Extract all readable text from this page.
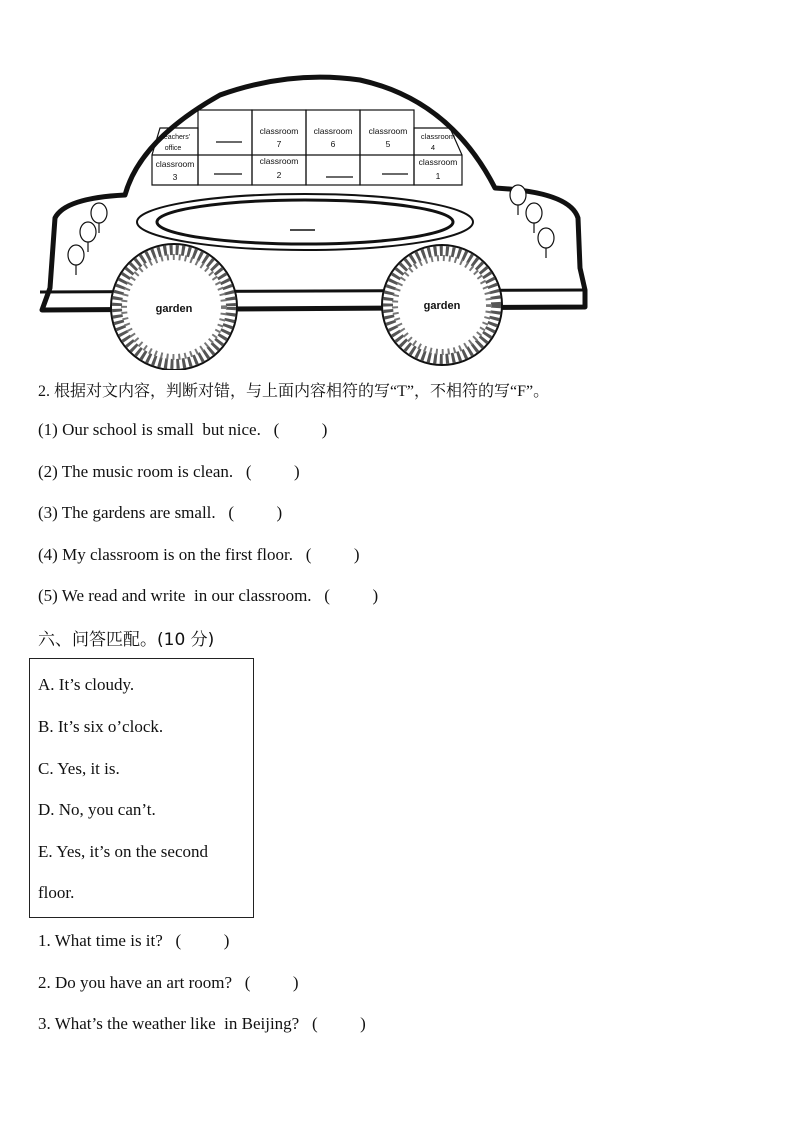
teachers'
office
classroom
7
classroom
6
classroom
5
classroom
4
classroom
3
classroom
2
classroom
1
garden	garden
2. 根据对文内容，判断对错，与上面内容相符的写“T”，不相符的写“F”。
(1) Our school is small  but nice.   (          )
(2) The music room is clean.   (          )
(3) The gardens are small.   (          )
(4) My classroom is on the first floor.   (          )
(5) We read and write  in our classroom.   (          )
六、问答匹配。(10 分)
A. It’s cloudy.
B. It’s six o’clock.
C. Yes, it is.
D. No, you can’t.
E. Yes, it’s on the second
floor.
1. What time is it?   (          )
2. Do you have an art room?   (          )
3. What’s the weather like  in Beijing?   (          )
